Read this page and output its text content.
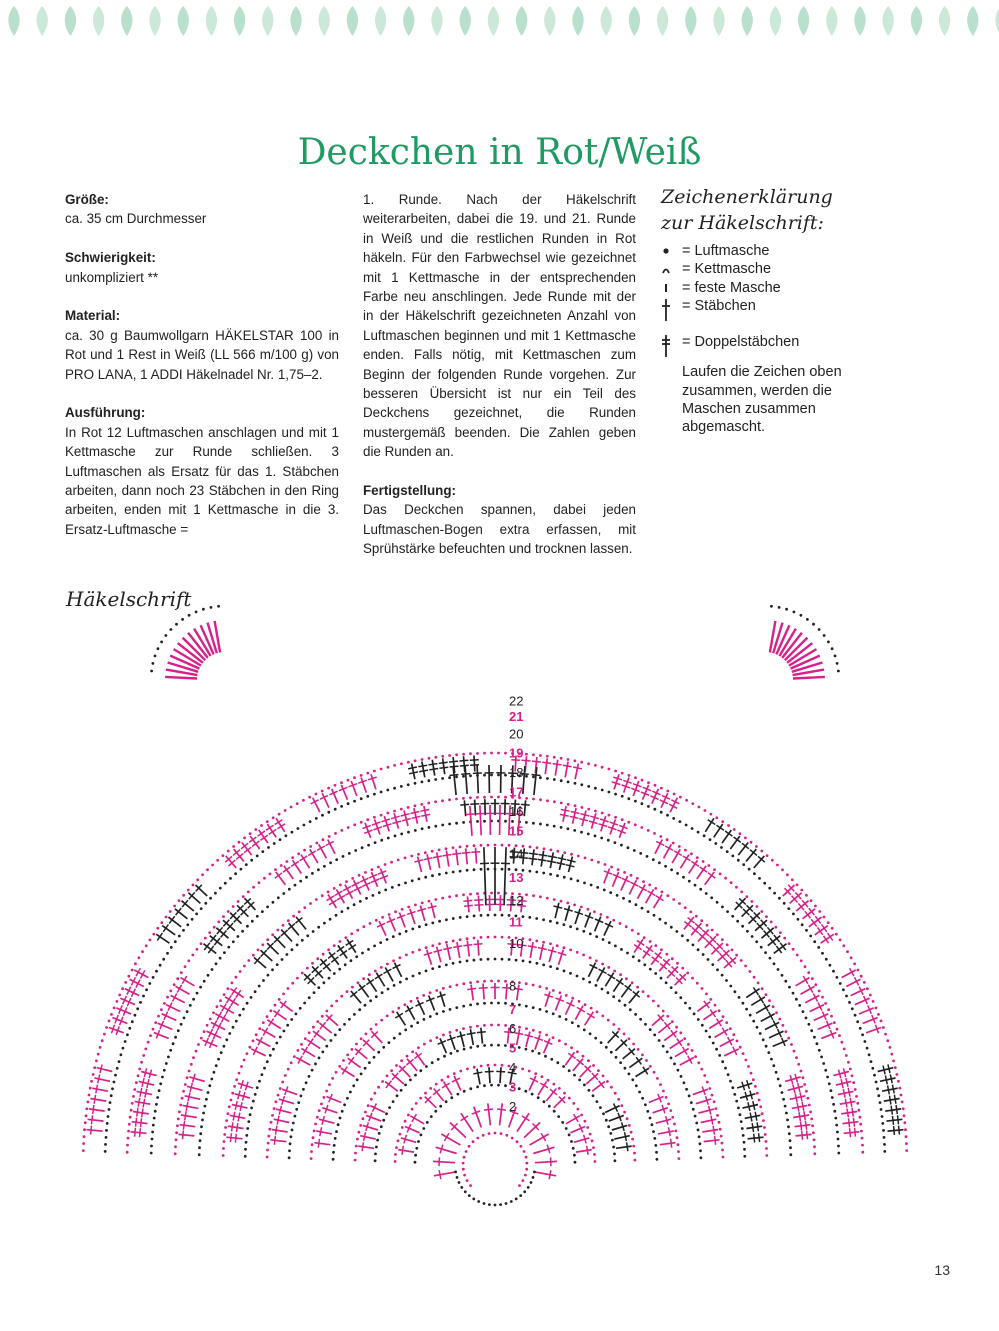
Deckchen in Rot/Weiß

Größe:
ca. 35 cm Durchmesser

Schwierigkeit:
unkompliziert **

Material:
ca. 30 g Baumwollgarn HÄKELSTAR 100 in Rot und 1 Rest in Weiß (LL 566 m/100 g) von PRO LANA, 1 ADDI Häkelnadel Nr. 1,75–2.

Ausführung:
In Rot 12 Luftmaschen anschlagen und mit 1 Kettmasche zur Runde schließen. 3 Luftmaschen als Ersatz für das 1. Stäbchen arbeiten, dann noch 23 Stäbchen in den Ring arbeiten, enden mit 1 Kettmasche in die 3. Ersatz-Luftmasche =

1. Runde. Nach der Häkelschrift weiterarbeiten, dabei die 19. und 21. Runde in Weiß und die restlichen Runden in Rot häkeln. Für den Farbwechsel wie gezeichnet mit 1 Kettmasche in der entsprechenden Farbe neu anschlingen. Jede Runde mit der in der Häkelschrift gezeichneten Anzahl von Luftmaschen beginnen und mit 1 Kettmasche enden. Falls nötig, mit Kettmaschen zum Beginn der folgenden Runde vorgehen. Zur besseren Übersicht ist nur ein Teil des Deckchens gezeichnet, die Runden mustergemäß beenden. Die Zahlen geben die Runden an.

Fertigstellung:
Das Deckchen spannen, dabei jeden Luftmaschen-Bogen extra erfassen, mit Sprühstärke befeuchten und trocknen lassen.

Zeichenerklärung
zur Häkelschrift:
= Luftmasche
= Kettmasche
= feste Masche
= Stäbchen
= Doppelstäbchen
Laufen die Zeichen oben zusammen, werden die Maschen zusammen abgemascht.
Häkelschrift
2
3
4
5
6
7
8
10
11
12
13
14
15
16
17
18
19
20
21
22
13
